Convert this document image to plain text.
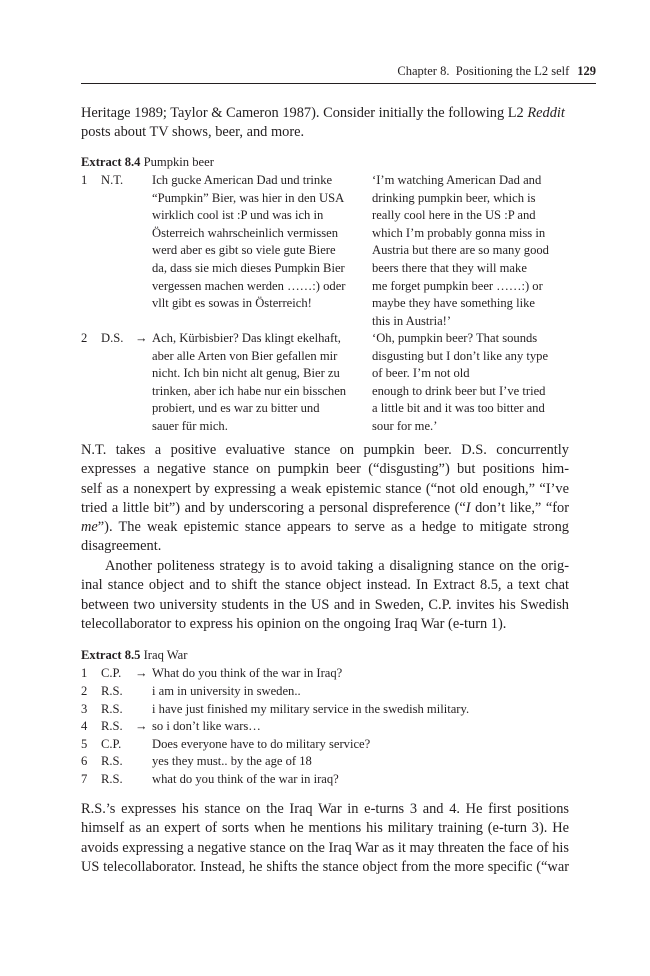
Chapter 8. Positioning the L2 self 129

Heritage 1989; Taylor & Cameron 1987). Consider initially the following L2 Reddit
posts about TV shows, beer, and more.

Extract 8.4 Pumpkin beer
1 N.T. Ich gucke American Dad und trinke
“Pumpkin” Bier, was hier in den USA
wirklich cool ist :P und was ich in
Österreich wahrscheinlich vermissen
werd aber es gibt so viele gute Biere
da, dass sie mich dieses Pumpkin Bier
vergessen machen werden ……:) oder
vllt gibt es sowas in Österreich!
‘I’m watching American Dad and
drinking pumpkin beer, which is
really cool here in the US :P and
which I’m probably gonna miss in
Austria but there are so many good
beers there that they will make
me forget pumpkin beer ……:) or
maybe they have something like
this in Austria!’
2 D.S. → Ach, Kürbisbier? Das klingt ekelhaft,
aber alle Arten von Bier gefallen mir
nicht. Ich bin nicht alt genug, Bier zu
trinken, aber ich habe nur ein bisschen
probiert, und es war zu bitter und
sauer für mich.
‘Oh, pumpkin beer? That sounds
disgusting but I don’t like any type
of beer. I’m not old
enough to drink beer but I’ve tried
a little bit and it was too bitter and
sour for me.’
N.T. takes a positive evaluative stance on pumpkin beer. D.S. concurrently
expresses a negative stance on pumpkin beer (“disgusting”) but positions him-
self as a nonexpert by expressing a weak epistemic stance (“not old enough,” “I’ve
tried a little bit”) and by underscoring a personal dispreference (“I don’t like,” “for
me”). The weak epistemic stance appears to serve as a hedge to mitigate strong
disagreement.
Another politeness strategy is to avoid taking a disaligning stance on the orig-
inal stance object and to shift the stance object instead. In Extract 8.5, a text chat
between two university students in the US and in Sweden, C.P. invites his Swedish
telecollaborator to express his opinion on the ongoing Iraq War (e-turn 1).
Extract 8.5 Iraq War
1 C.P. → What do you think of the war in Iraq?
2 R.S. i am in university in sweden..
3 R.S. i have just finished my military service in the swedish military.
4 R.S. → so i don’t like wars…
5 C.P. Does everyone have to do military service?
6 R.S. yes they must.. by the age of 18
7 R.S. what do you think of the war in iraq?
R.S.’s expresses his stance on the Iraq War in e-turns 3 and 4. He first positions
himself as an expert of sorts when he mentions his military training (e-turn 3). He
avoids expressing a negative stance on the Iraq War as it may threaten the face of his
US telecollaborator. Instead, he shifts the stance object from the more specific (“war
